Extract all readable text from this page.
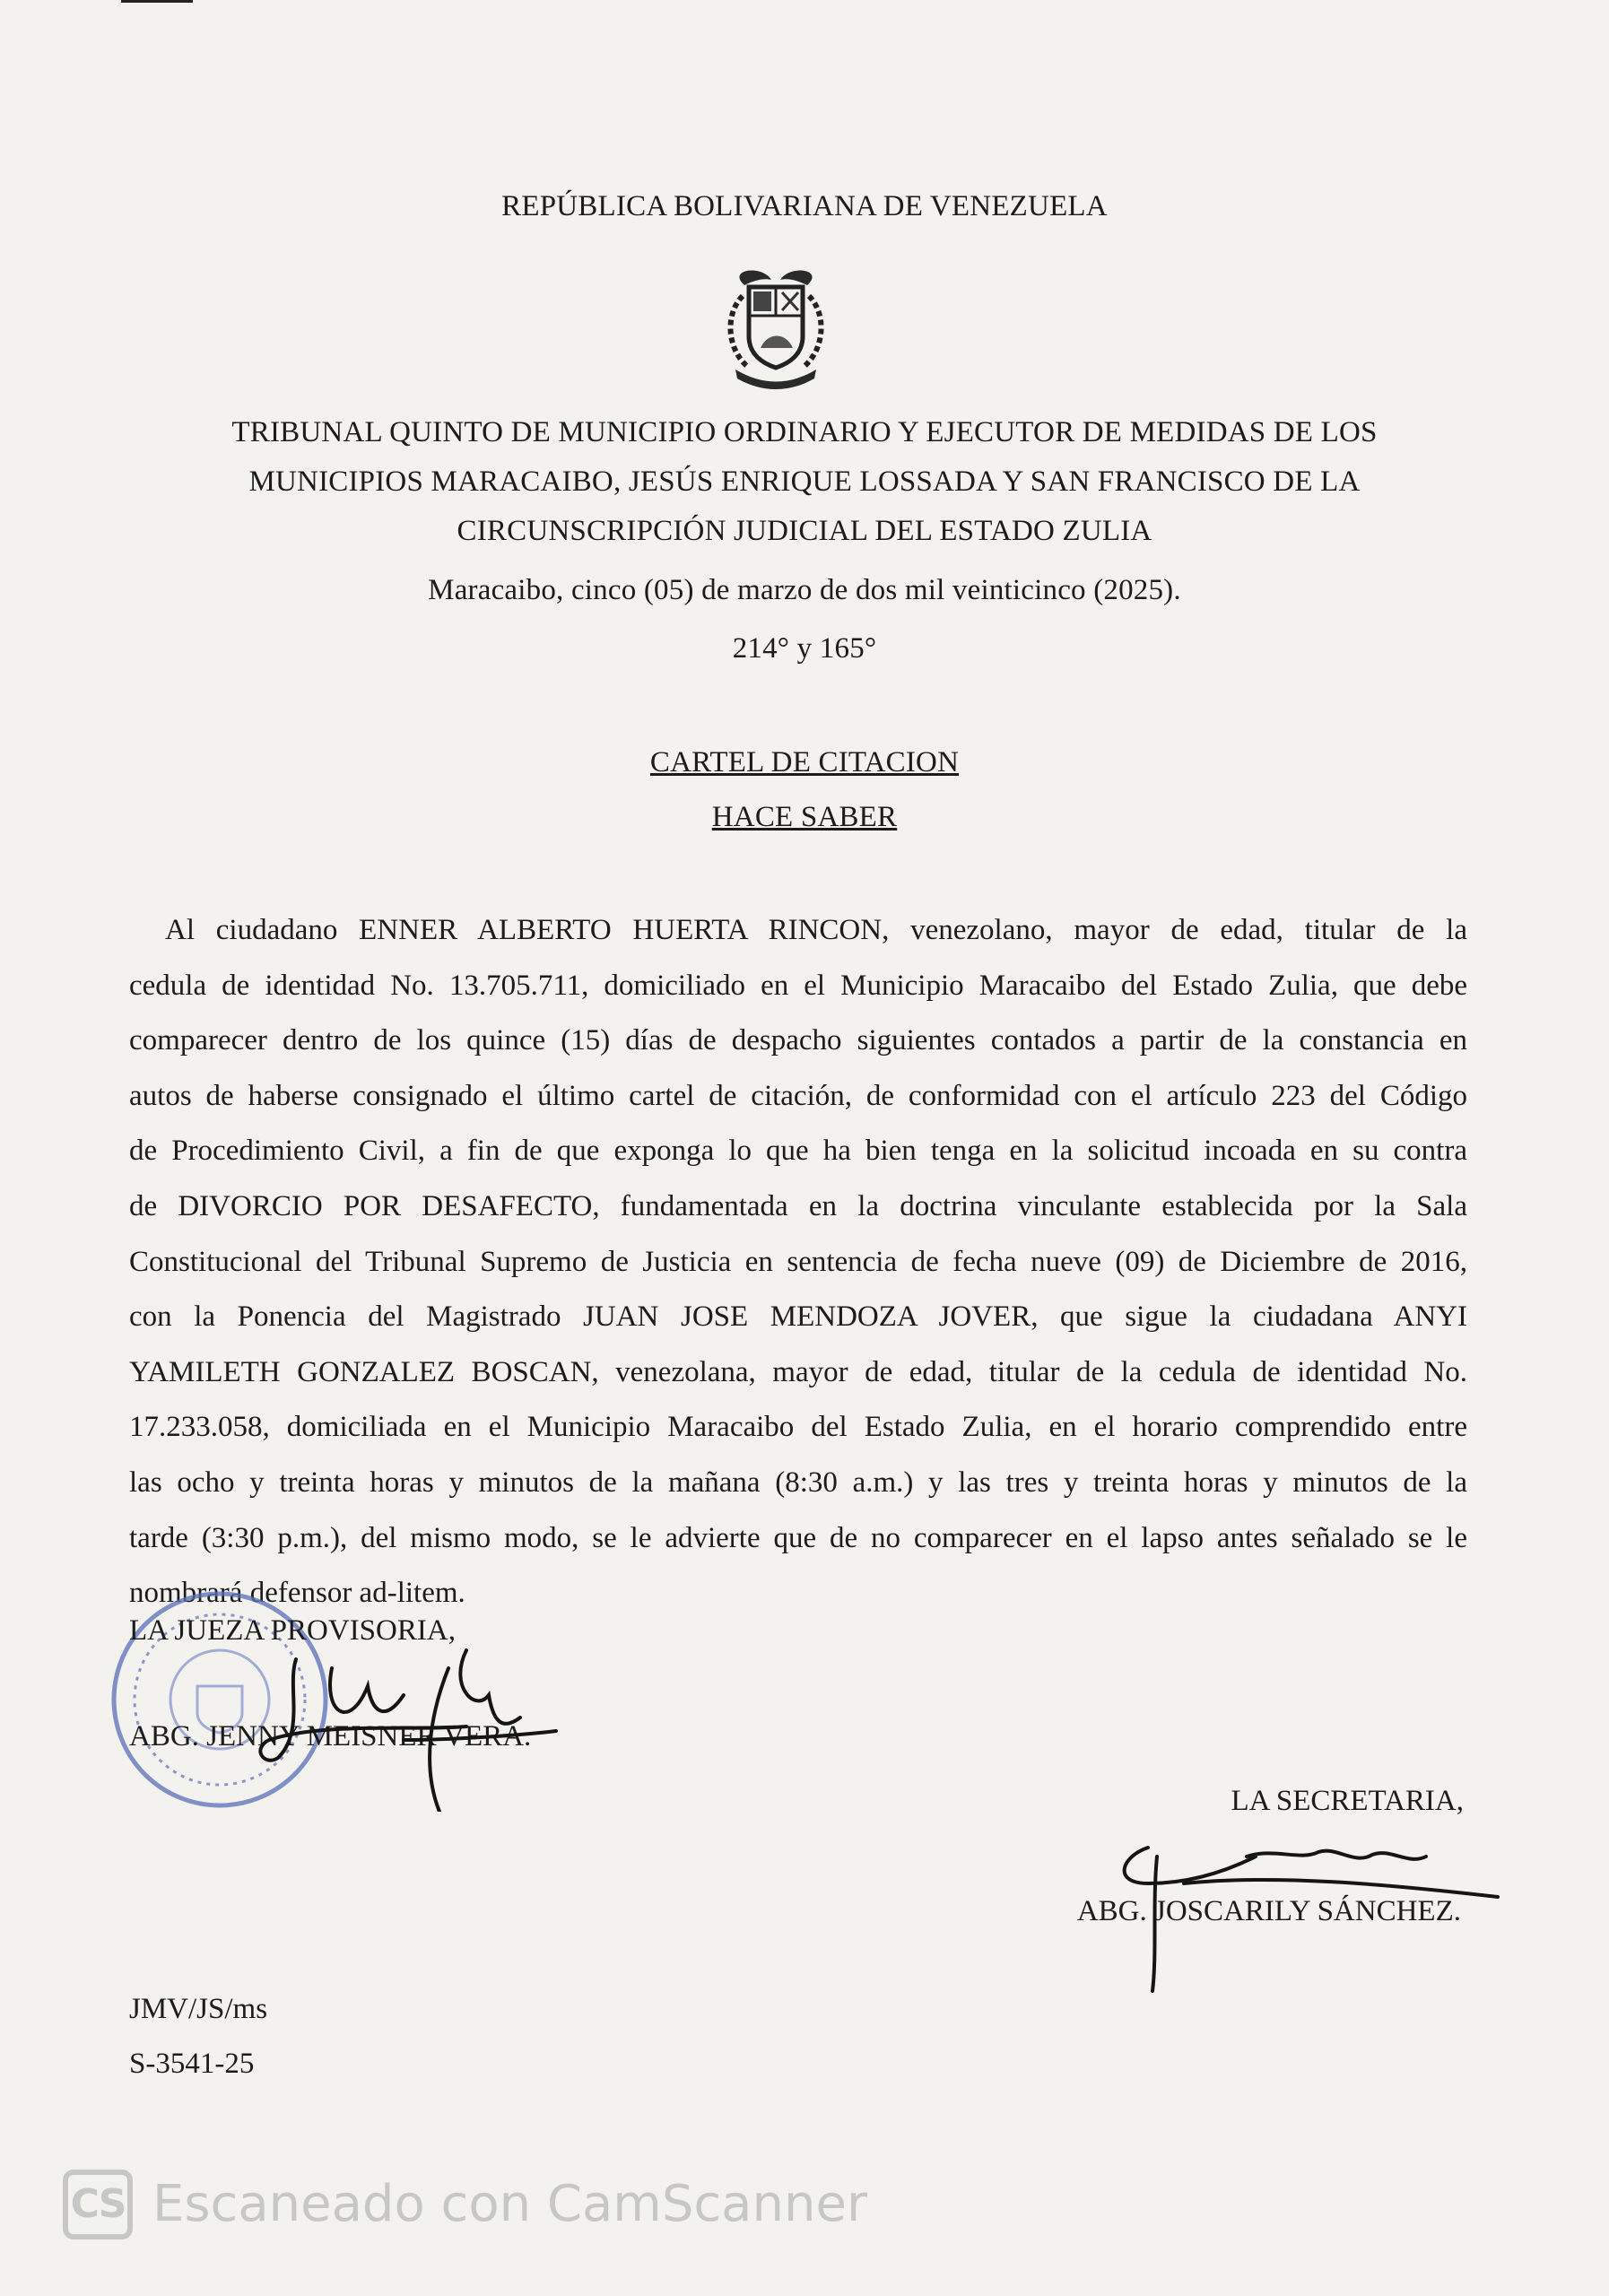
REPÚBLICA BOLIVARIANA DE VENEZUELA
TRIBUNAL QUINTO DE MUNICIPIO ORDINARIO Y EJECUTOR DE MEDIDAS DE LOS
MUNICIPIOS MARACAIBO, JESÚS ENRIQUE LOSSADA Y SAN FRANCISCO DE LA
CIRCUNSCRIPCIÓN JUDICIAL DEL ESTADO ZULIA
Maracaibo, cinco (05) de marzo de dos mil veinticinco (2025).
214° y 165°
CARTEL DE CITACION
HACE SABER
Al ciudadano ENNER ALBERTO HUERTA RINCON, venezolano, mayor de edad, titular de la
cedula de identidad No. 13.705.711, domiciliado en el Municipio Maracaibo del Estado Zulia, que debe
comparecer dentro de los quince (15) días de despacho siguientes contados a partir de la constancia en
autos de haberse consignado el último cartel de citación, de conformidad con el artículo 223 del Código
de Procedimiento Civil, a fin de que exponga lo que ha bien tenga en la solicitud incoada en su contra
de DIVORCIO POR DESAFECTO, fundamentada en la doctrina vinculante establecida por la Sala
Constitucional del Tribunal Supremo de Justicia en sentencia de fecha nueve (09) de Diciembre de 2016,
con la Ponencia del Magistrado JUAN JOSE MENDOZA JOVER, que sigue la ciudadana ANYI
YAMILETH GONZALEZ BOSCAN, venezolana, mayor de edad, titular de la cedula de identidad No.
17.233.058, domiciliada en el Municipio Maracaibo del Estado Zulia, en el horario comprendido entre
las ocho y treinta horas y minutos de la mañana (8:30 a.m.) y las tres y treinta horas y minutos de la
tarde (3:30 p.m.), del mismo modo, se le advierte que de no comparecer en el lapso antes señalado se le
nombrará defensor ad-litem.
LA JUEZA PROVISORIA,
ABG. JENNY MEISNER VERA.
LA SECRETARIA,
ABG. JOSCARILY SÁNCHEZ.
JMV/JS/ms
S-3541-25
CS Escaneado con CamScanner
